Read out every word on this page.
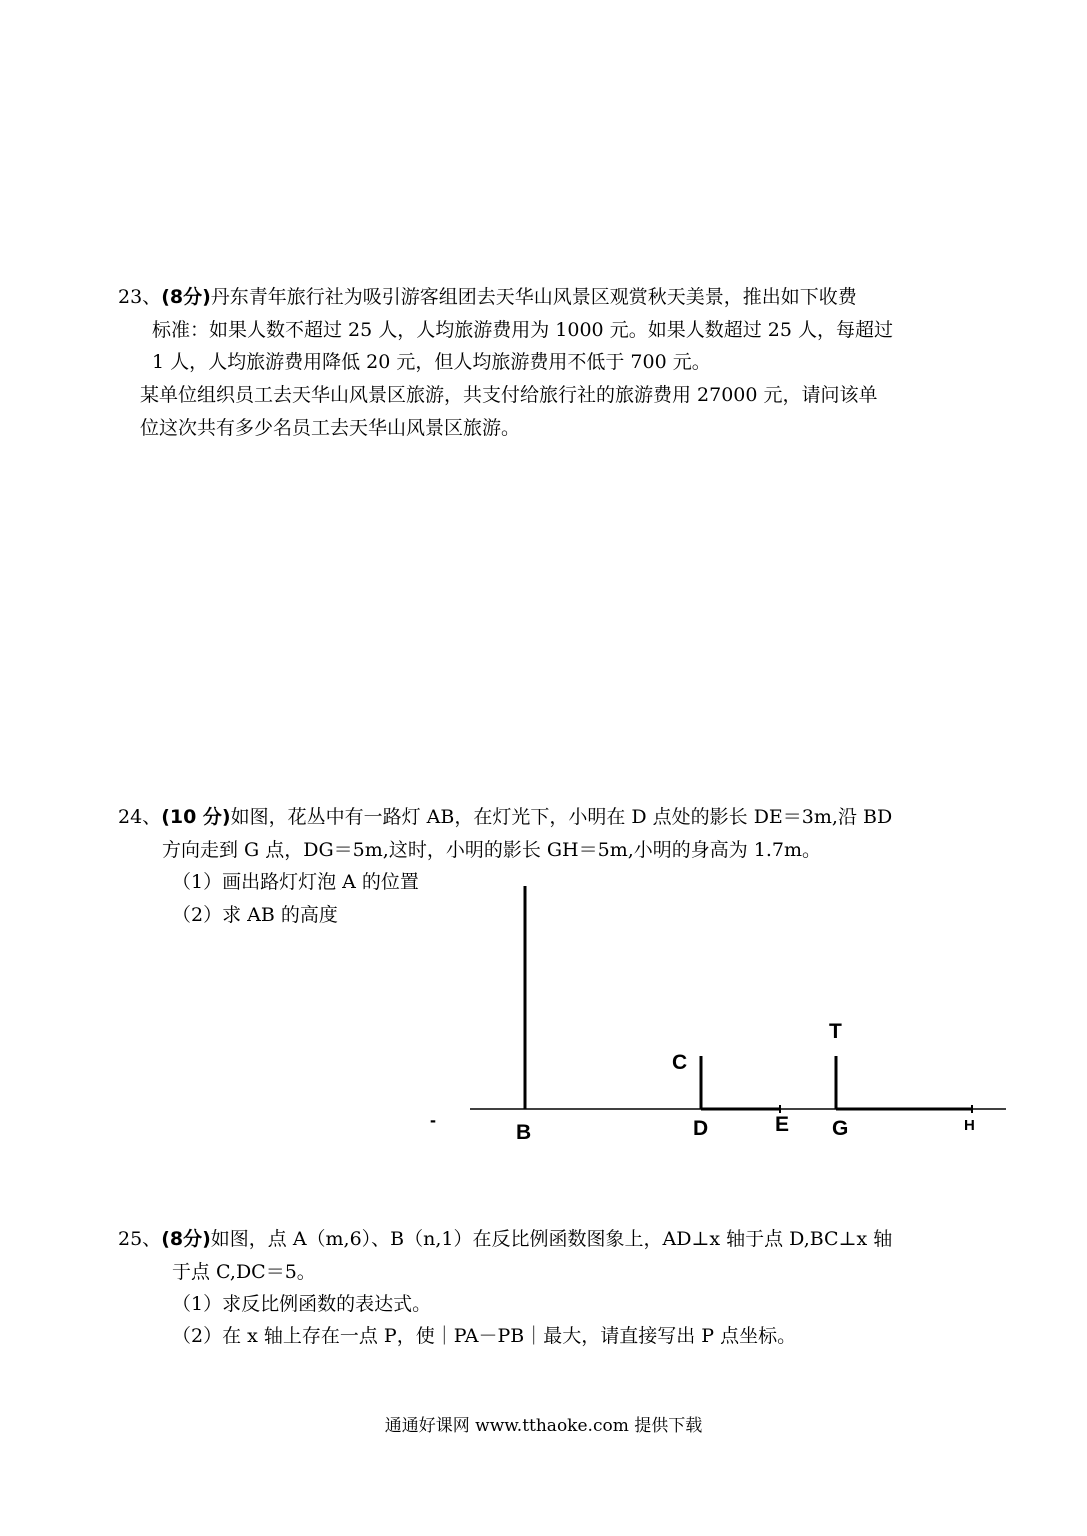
23、(8分)丹东青年旅行社为吸引游客组团去天华山风景区观赏秋天美景，推出如下收费
标准：如果人数不超过 25 人，人均旅游费用为 1000 元。如果人数超过 25 人，每超过
1 人，人均旅游费用降低 20 元，但人均旅游费用不低于 700 元。
某单位组织员工去天华山风景区旅游，共支付给旅行社的旅游费用 27000 元，请问该单
位这次共有多少名员工去天华山风景区旅游。
24、(10 分)如图，花丛中有一路灯 AB，在灯光下，小明在 D 点处的影长 DE＝3m,沿 BD
方向走到 G 点，DG＝5m,这时，小明的影长 GH＝5m,小明的身高为 1.7m。
（1）画出路灯灯泡 A 的位置
（2）求 AB 的高度
-
B
C
D	E G
T
H
25、(8分)如图，点 A（m,6）、B（n,1）在反比例函数图象上，AD⊥x 轴于点 D,BC⊥x 轴
于点 C,DC＝5。
（1）求反比例函数的表达式。
（2）在 x 轴上存在一点 P，使｜PA－PB｜最大，请直接写出 P 点坐标。
通通好课网 www.tthaoke.com 提供下载
